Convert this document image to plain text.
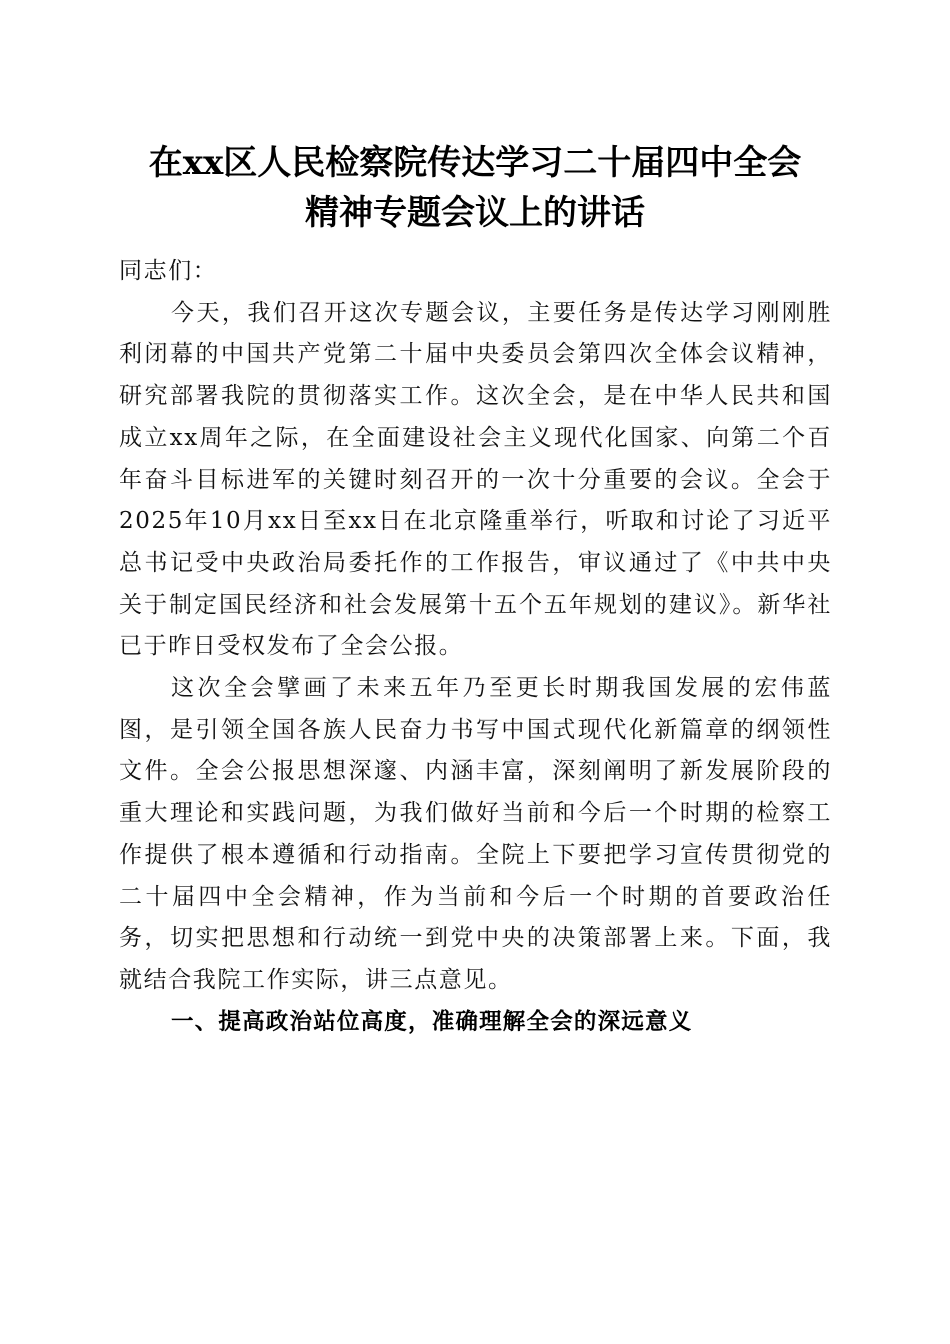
在xx区人民检察院传达学习二十届四中全会
精神专题会议上的讲话

同志们：

今天，我们召开这次专题会议，主要任务是传达学习刚刚胜利闭幕的中国共产党第二十届中央委员会第四次全体会议精神，研究部署我院的贯彻落实工作。这次全会，是在中华人民共和国成立xx周年之际，在全面建设社会主义现代化国家、向第二个百年奋斗目标进军的关键时刻召开的一次十分重要的会议。全会于2025年10月xx日至xx日在北京隆重举行，听取和讨论了习近平总书记受中央政治局委托作的工作报告，审议通过了《中共中央关于制定国民经济和社会发展第十五个五年规划的建议》。新华社已于昨日受权发布了全会公报。

这次全会擘画了未来五年乃至更长时期我国发展的宏伟蓝图，是引领全国各族人民奋力书写中国式现代化新篇章的纲领性文件。全会公报思想深邃、内涵丰富，深刻阐明了新发展阶段的重大理论和实践问题，为我们做好当前和今后一个时期的检察工作提供了根本遵循和行动指南。全院上下要把学习宣传贯彻党的二十届四中全会精神，作为当前和今后一个时期的首要政治任务，切实把思想和行动统一到党中央的决策部署上来。下面，我就结合我院工作实际，讲三点意见。

一、提高政治站位高度，准确理解全会的深远意义
